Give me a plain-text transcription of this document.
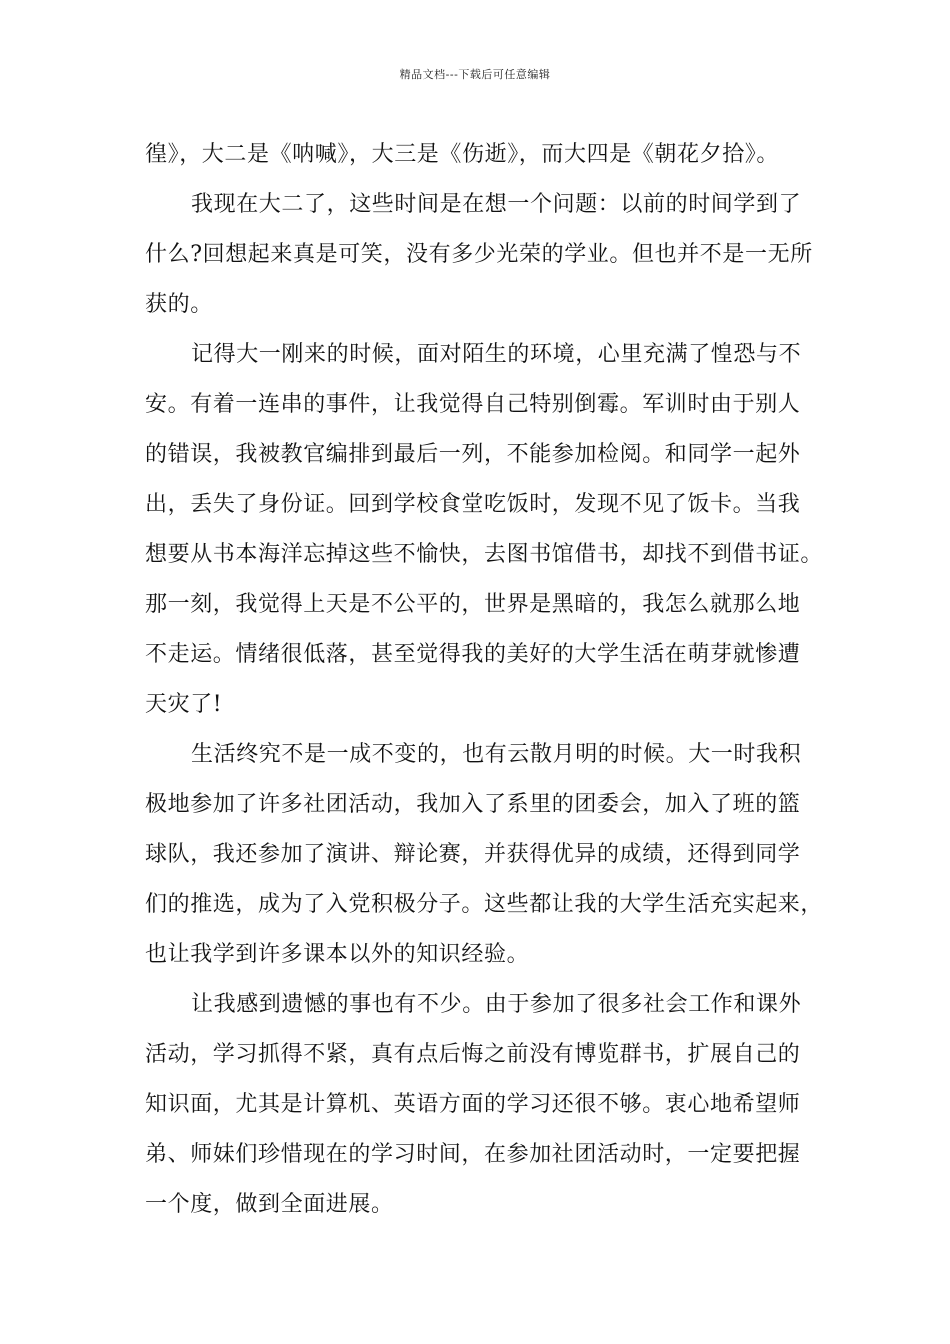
精品文档---下载后可任意编辑
徨》，大二是《呐喊》，大三是《伤逝》，而大四是《朝花夕拾》。
我现在大二了，这些时间是在想一个问题：以前的时间学到了
什么?回想起来真是可笑，没有多少光荣的学业。但也并不是一无所
获的。
记得大一刚来的时候，面对陌生的环境，心里充满了惶恐与不
安。有着一连串的事件，让我觉得自己特别倒霉。军训时由于别人
的错误，我被教官编排到最后一列，不能参加检阅。和同学一起外
出，丢失了身份证。回到学校食堂吃饭时，发现不见了饭卡。当我
想要从书本海洋忘掉这些不愉快，去图书馆借书，却找不到借书证。
那一刻，我觉得上天是不公平的，世界是黑暗的，我怎么就那么地
不走运。情绪很低落，甚至觉得我的美好的大学生活在萌芽就惨遭
天灾了!
生活终究不是一成不变的，也有云散月明的时候。大一时我积
极地参加了许多社团活动，我加入了系里的团委会，加入了班的篮
球队，我还参加了演讲、辩论赛，并获得优异的成绩，还得到同学
们的推选，成为了入党积极分子。这些都让我的大学生活充实起来，
也让我学到许多课本以外的知识经验。
让我感到遗憾的事也有不少。由于参加了很多社会工作和课外
活动，学习抓得不紧，真有点后悔之前没有博览群书，扩展自己的
知识面，尤其是计算机、英语方面的学习还很不够。衷心地希望师
弟、师妹们珍惜现在的学习时间，在参加社团活动时，一定要把握
一个度，做到全面进展。
